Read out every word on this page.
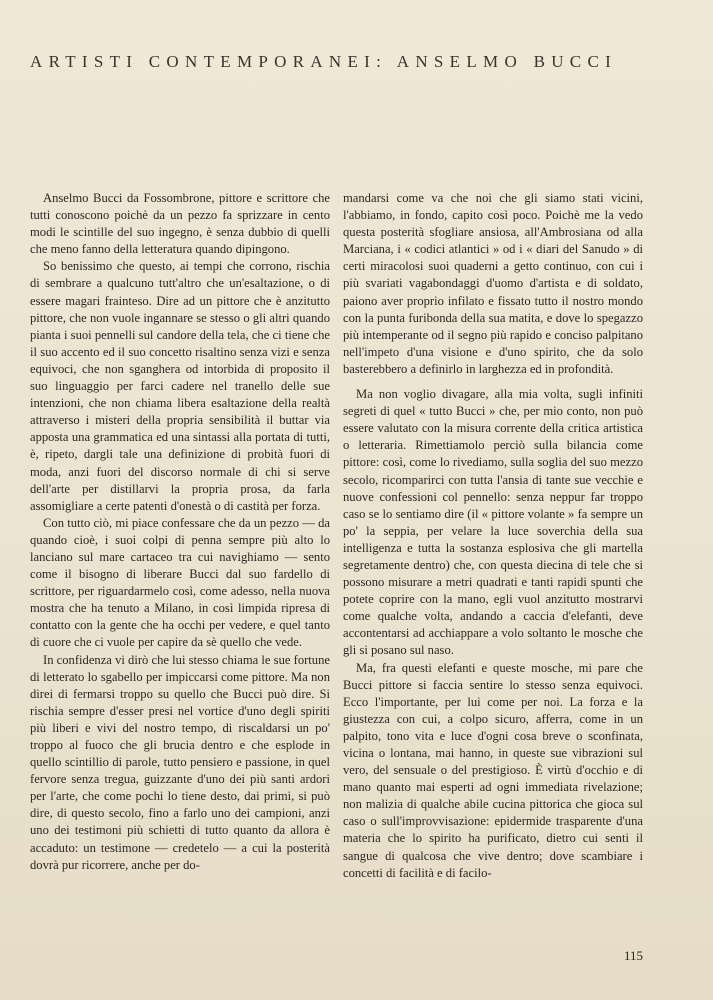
ARTISTI CONTEMPORANEI: ANSELMO BUCCI

Anselmo Bucci da Fossombrone, pittore e scrittore che tutti conoscono poichè da un pezzo fa sprizzare in cento modi le scintille del suo ingegno, è senza dubbio di quelli che meno fanno della letteratura quando dipingono.

So benissimo che questo, ai tempi che corrono, rischia di sembrare a qualcuno tutt'altro che un'esaltazione, o di essere magari frainteso. Dire ad un pittore che è anzitutto pittore, che non vuole ingannare se stesso o gli altri quando pianta i suoi pennelli sul candore della tela, che ci tiene che il suo accento ed il suo concetto risaltino senza vizi e senza equivoci, che non sganghera od intorbida di proposito il suo linguaggio per farci cadere nel tranello delle sue intenzioni, che non chiama libera esaltazione della realtà attraverso i misteri della propria sensibilità il buttar via apposta una grammatica ed una sintassi alla portata di tutti, è, ripeto, dargli tale una definizione di probità fuori di moda, anzi fuori del discorso normale di chi si serve dell'arte per distillarvi la propria prosa, da farla assomigliare a certe patenti d'onestà o di castità per forza.

Con tutto ciò, mi piace confessare che da un pezzo — da quando cioè, i suoi colpi di penna sempre più alto lo lanciano sul mare cartaceo tra cui navighiamo — sento come il bisogno di liberare Bucci dal suo fardello di scrittore, per riguardarmelo così, come adesso, nella nuova mostra che ha tenuto a Milano, in così limpida ripresa di contatto con la gente che ha occhi per vedere, e quel tanto di cuore che ci vuole per capire da sè quello che vede.

In confidenza vi dirò che lui stesso chiama le sue fortune di letterato lo sgabello per impiccarsi come pittore. Ma non direi di fermarsi troppo su quello che Bucci può dire. Si rischia sempre d'esser presi nel vortice d'uno degli spiriti più liberi e vivi del nostro tempo, di riscaldarsi un po' troppo al fuoco che gli brucia dentro e che esplode in quello scintillio di parole, tutto pensiero e passione, in quel fervore senza tregua, guizzante d'uno dei più santi ardori per l'arte, che come pochi lo tiene desto, dai primi, si può dire, di questo secolo, fino a farlo uno dei campioni, anzi uno dei testimoni più schietti di tutto quanto da allora è accaduto: un testimone — credetelo — a cui la posterità dovrà pur ricorrere, anche per do-

mandarsi come va che noi che gli siamo stati vicini, l'abbiamo, in fondo, capito così poco. Poichè me la vedo questa posterità sfogliare ansiosa, all'Ambrosiana od alla Marciana, i « codici atlantici » od i « diari del Sanudo » di certi miracolosi suoi quaderni a getto continuo, con cui i più svariati vagabondaggi d'uomo d'artista e di soldato, paiono aver proprio infilato e fissato tutto il nostro mondo con la punta furibonda della sua matita, e dove lo spegazzo più intemperante od il segno più rapido e conciso palpitano nell'impeto d'una visione e d'uno spirito, che da solo basterebbero a definirlo in larghezza ed in profondità.

Ma non voglio divagare, alla mia volta, sugli infiniti segreti di quel « tutto Bucci » che, per mio conto, non può essere valutato con la misura corrente della critica artistica o letteraria. Rimettiamolo perciò sulla bilancia come pittore: così, come lo rivediamo, sulla soglia del suo mezzo secolo, ricomparirci con tutta l'ansia di tante sue vecchie e nuove confessioni col pennello: senza neppur far troppo caso se lo sentiamo dire (il « pittore volante » fa sempre un po' la seppia, per velare la luce soverchia della sua intelligenza e tutta la sostanza esplosiva che gli martella segretamente dentro) che, con questa diecina di tele che si possono misurare a metri quadrati e tanti rapidi spunti che potete coprire con la mano, egli vuol anzitutto mostrarvi come qualche volta, andando a caccia d'elefanti, deve accontentarsi ad acchiappare a volo soltanto le mosche che gli si posano sul naso.

Ma, fra questi elefanti e queste mosche, mi pare che Bucci pittore si faccia sentire lo stesso senza equivoci. Ecco l'importante, per lui come per noi. La forza e la giustezza con cui, a colpo sicuro, afferra, come in un palpito, tono vita e luce d'ogni cosa breve o sconfinata, vicina o lontana, mai hanno, in queste sue vibrazioni sul vero, del sensuale o del prestigioso. È virtù d'occhio e di mano quanto mai esperti ad ogni immediata rivelazione; non malizia di qualche abile cucina pittorica che gioca sul caso o sull'improvvisazione: epidermide trasparente d'una materia che lo spirito ha purificato, dietro cui senti il sangue di qualcosa che vive dentro; dove scambiare i concetti di facilità e di facilo-

115
